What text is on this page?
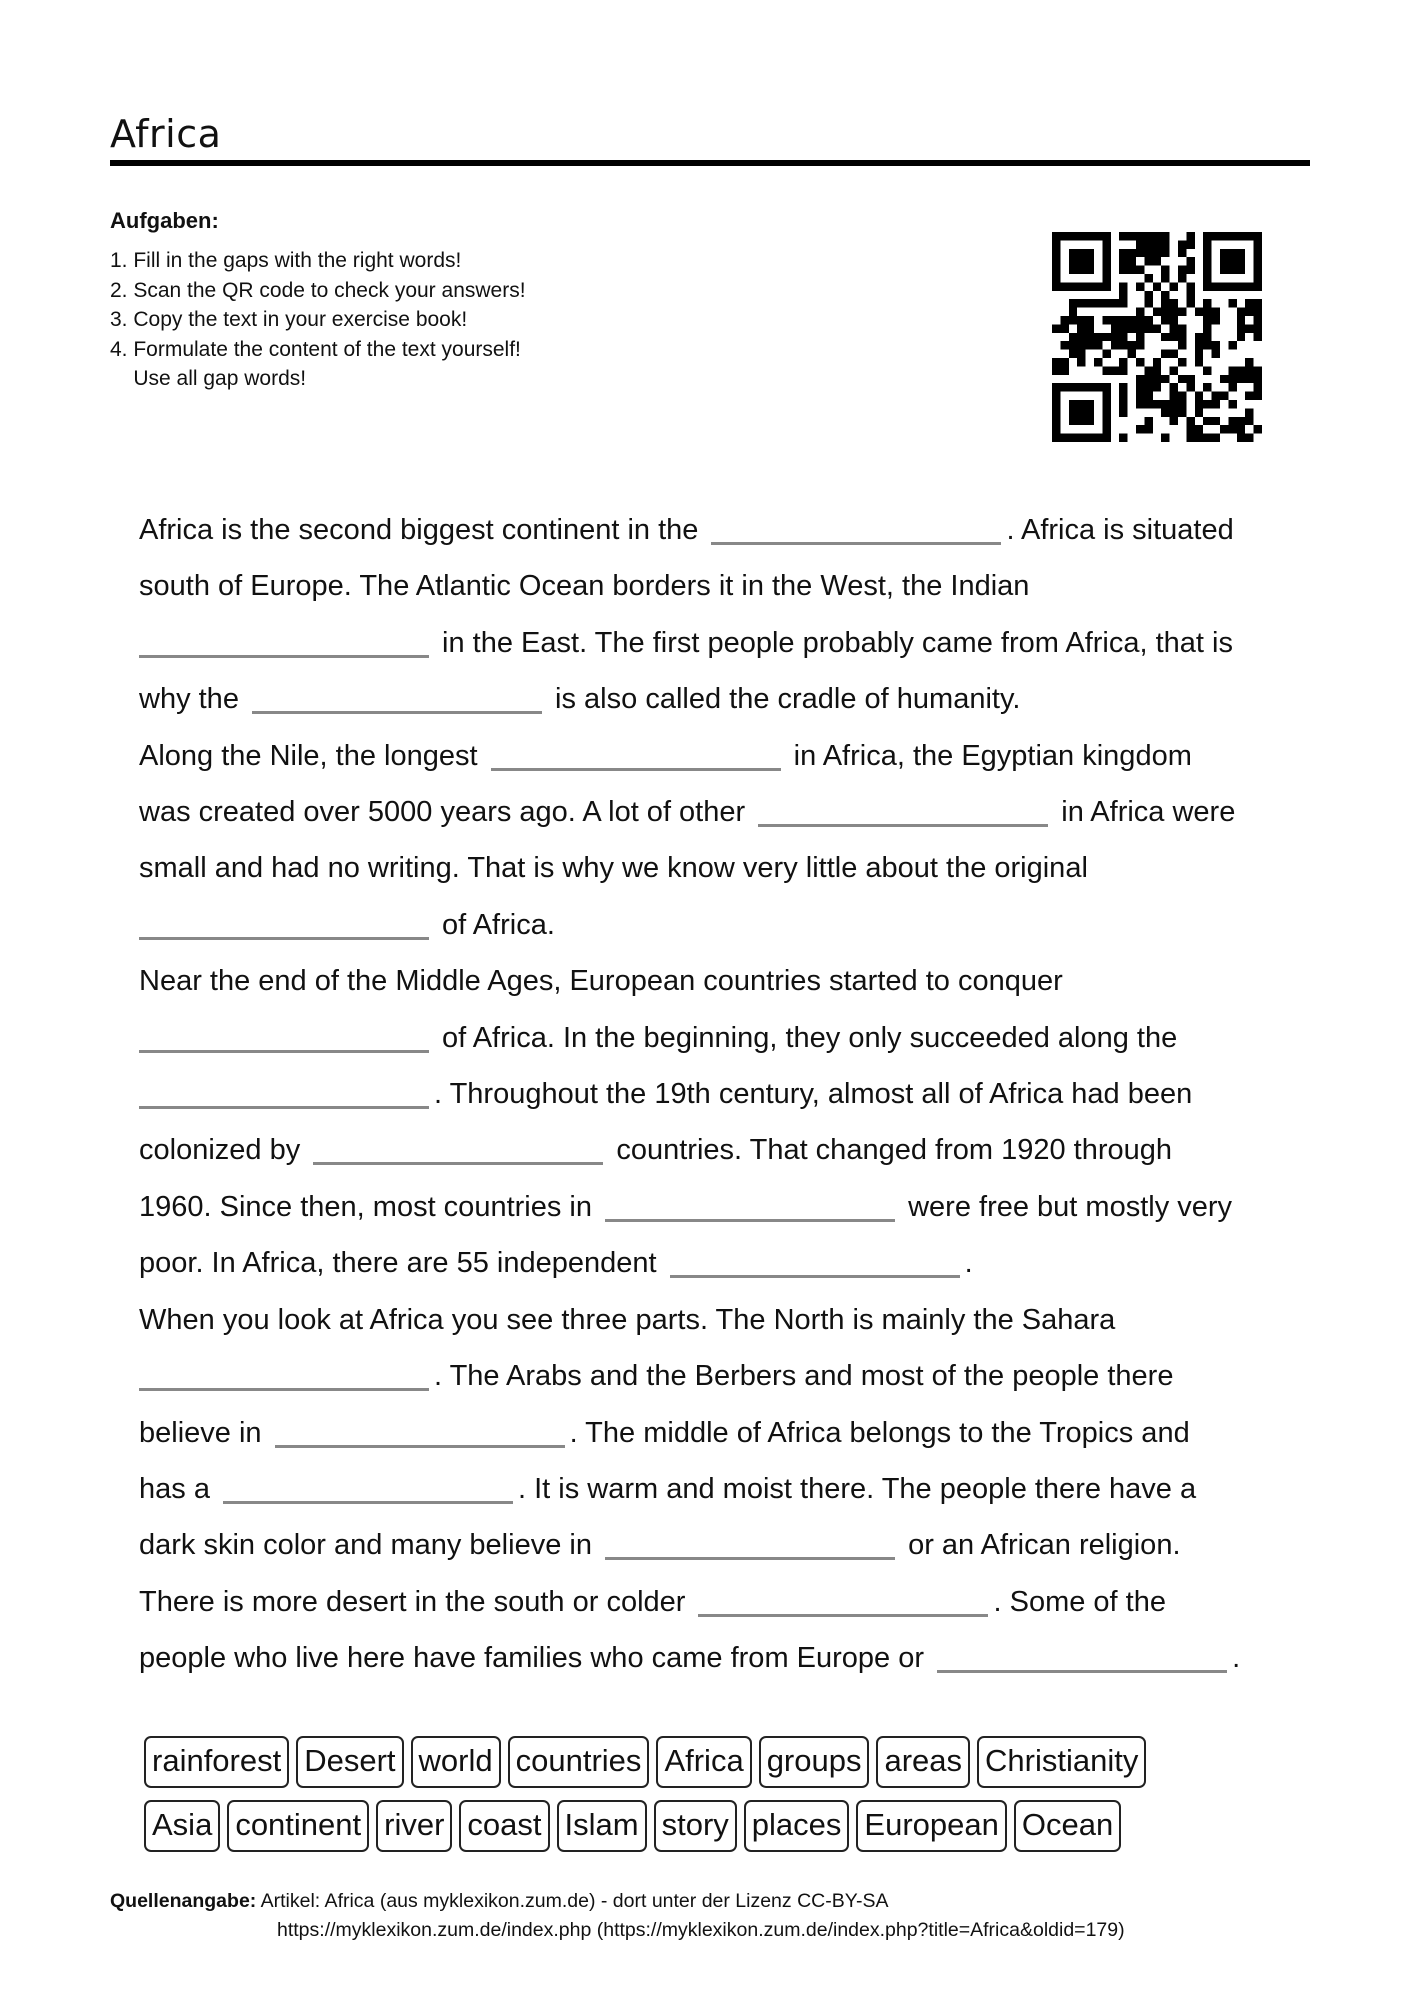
Africa
Aufgaben:
1. Fill in the gaps with the right words!
2. Scan the QR code to check your answers!
3. Copy the text in your exercise book!
4. Formulate the content of the text yourself!
Use all gap words!
Africa is the second biggest continent in the	. Africa is situated
south of Europe. The Atlantic Ocean borders it in the West, the Indian
in the East. The first people probably came from Africa, that is
why the	is also called the cradle of humanity.
Along the Nile, the longest	in Africa, the Egyptian kingdom
was created over 5000 years ago. A lot of other	in Africa were
small and had no writing. That is why we know very little about the original
of Africa.
Near the end of the Middle Ages, European countries started to conquer
of Africa. In the beginning, they only succeeded along the
. Throughout the 19th century, almost all of Africa had been
colonized by	countries. That changed from 1920 through
1960. Since then, most countries in	were free but mostly very
poor. In Africa, there are 55 independent	.
When you look at Africa you see three parts. The North is mainly the Sahara
. The Arabs and the Berbers and most of the people there
believe in	. The middle of Africa belongs to the Tropics and
has a	. It is warm and moist there. The people there have a
dark skin color and many believe in	or an African religion.
There is more desert in the south or colder	. Some of the
people who live here have families who came from Europe or	.
rainforest Desert world countries Africa groups areas Christianity
Asia continent river coast Islam story places European Ocean
Quellenangabe: Artikel: Africa (aus myklexikon.zum.de) - dort unter der Lizenz CC-BY-SA
https://myklexikon.zum.de/index.php (https://myklexikon.zum.de/index.php?title=Africa&oldid=179)
